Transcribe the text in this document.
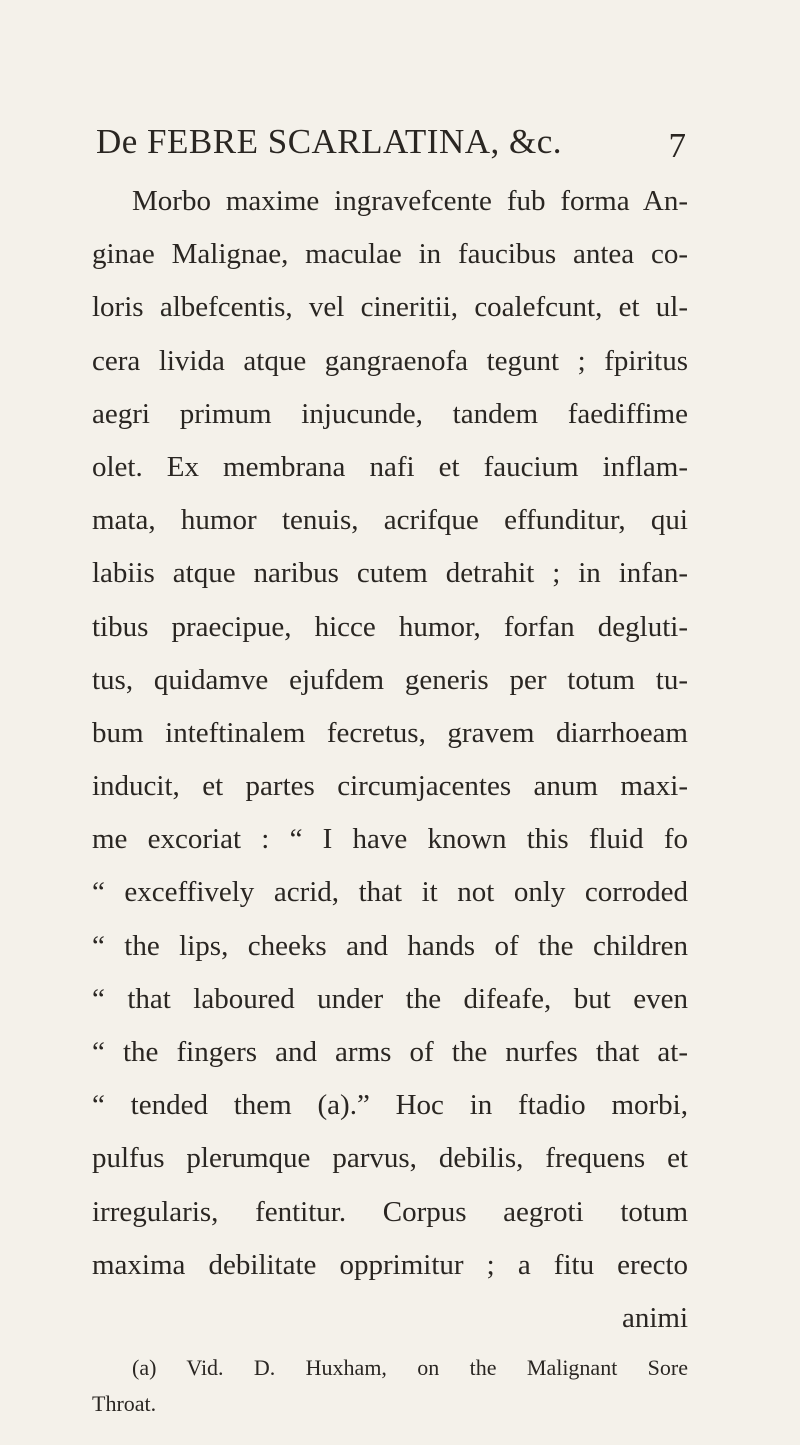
De FEBRE SCARLATINA, &c.	7
Morbo maxime ingravefcente fub forma An-
ginae Malignae, maculae in faucibus antea co-
loris albefcentis, vel cineritii, coalefcunt, et ul-
cera livida atque gangraenofa tegunt ; fpiritus
aegri primum injucunde, tandem faediffime
olet. Ex membrana nafi et faucium inflam-
mata, humor tenuis, acrifque effunditur, qui
labiis atque naribus cutem detrahit ; in infan-
tibus praecipue, hicce humor, forfan degluti-
tus, quidamve ejufdem generis per totum tu-
bum inteftinalem fecretus, gravem diarrhoeam
inducit, et partes circumjacentes anum maxi-
me excoriat : “ I have known this fluid fo
“ exceffively acrid, that it not only corroded
“ the lips, cheeks and hands of the children
“ that laboured under the difeafe, but even
“ the fingers and arms of the nurfes that at-
“ tended them (a).” Hoc in ftadio morbi,
pulfus plerumque parvus, debilis, frequens et
irregularis, fentitur. Corpus aegroti totum
maxima debilitate opprimitur ; a fitu erecto
animi
(a) Vid. D. Huxham, on the Malignant Sore
Throat.
